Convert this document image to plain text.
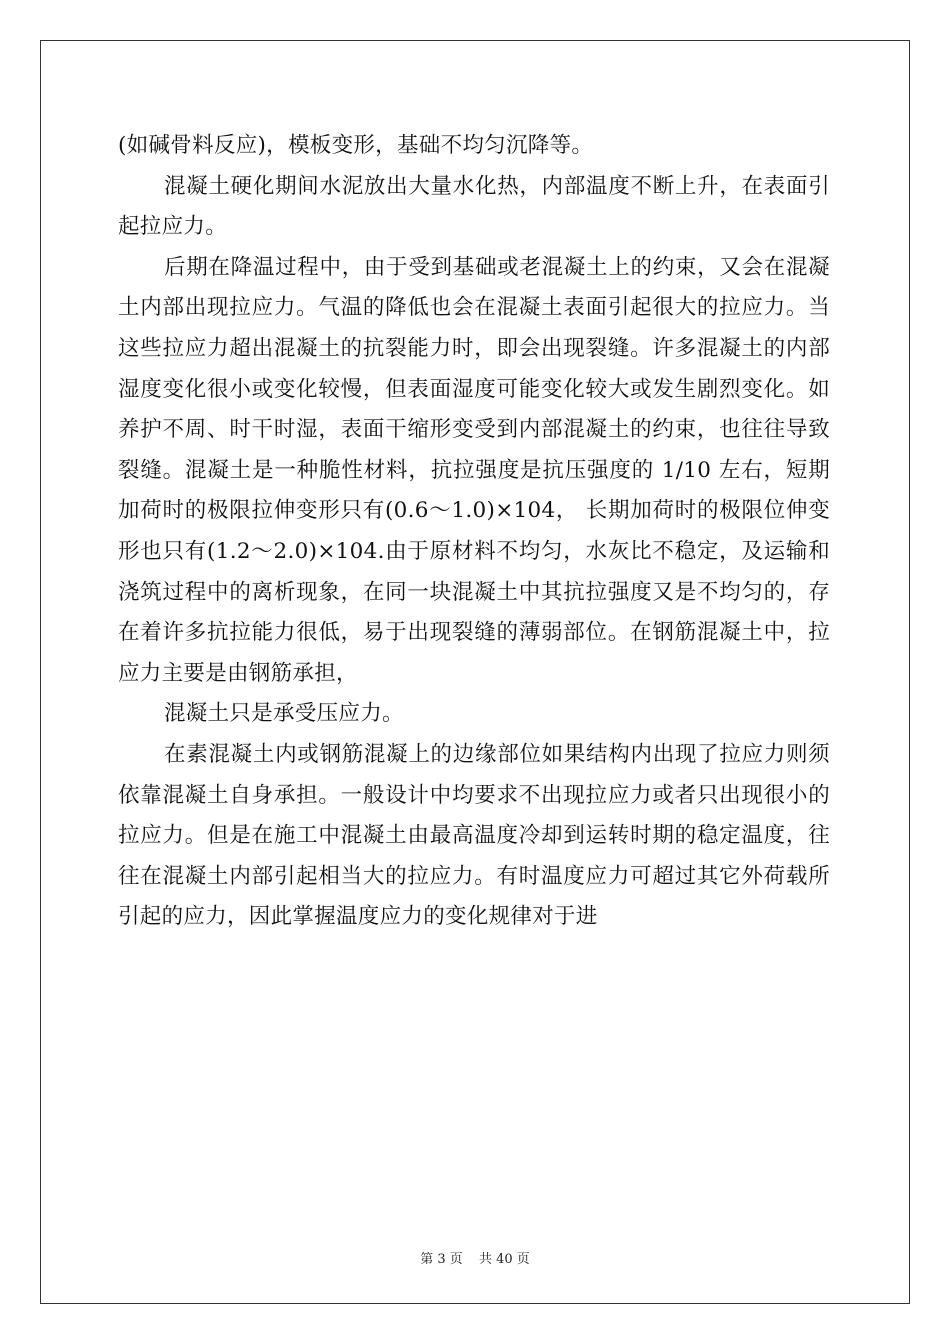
(如碱骨料反应)，模板变形，基础不均匀沉降等。

混凝土硬化期间水泥放出大量水化热，内部温度不断上升，在表面引起拉应力。

后期在降温过程中，由于受到基础或老混凝土上的约束，又会在混凝土内部出现拉应力。气温的降低也会在混凝土表面引起很大的拉应力。当这些拉应力超出混凝土的抗裂能力时，即会出现裂缝。许多混凝土的内部湿度变化很小或变化较慢，但表面湿度可能变化较大或发生剧烈变化。如养护不周、时干时湿，表面干缩形变受到内部混凝土的约束，也往往导致裂缝。混凝土是一种脆性材料，抗拉强度是抗压强度的 1/10 左右，短期加荷时的极限拉伸变形只有(0.6～1.0)×104， 长期加荷时的极限位伸变形也只有(1.2～2.0)×104.由于原材料不均匀，水灰比不稳定，及运输和浇筑过程中的离析现象，在同一块混凝土中其抗拉强度又是不均匀的，存在着许多抗拉能力很低，易于出现裂缝的薄弱部位。在钢筋混凝土中，拉应力主要是由钢筋承担，

混凝土只是承受压应力。

在素混凝土内或钢筋混凝上的边缘部位如果结构内出现了拉应力则须依靠混凝土自身承担。一般设计中均要求不出现拉应力或者只出现很小的拉应力。但是在施工中混凝土由最高温度冷却到运转时期的稳定温度，往往在混凝土内部引起相当大的拉应力。有时温度应力可超过其它外荷载所引起的应力，因此掌握温度应力的变化规律对于进

第 3 页 共 40 页
